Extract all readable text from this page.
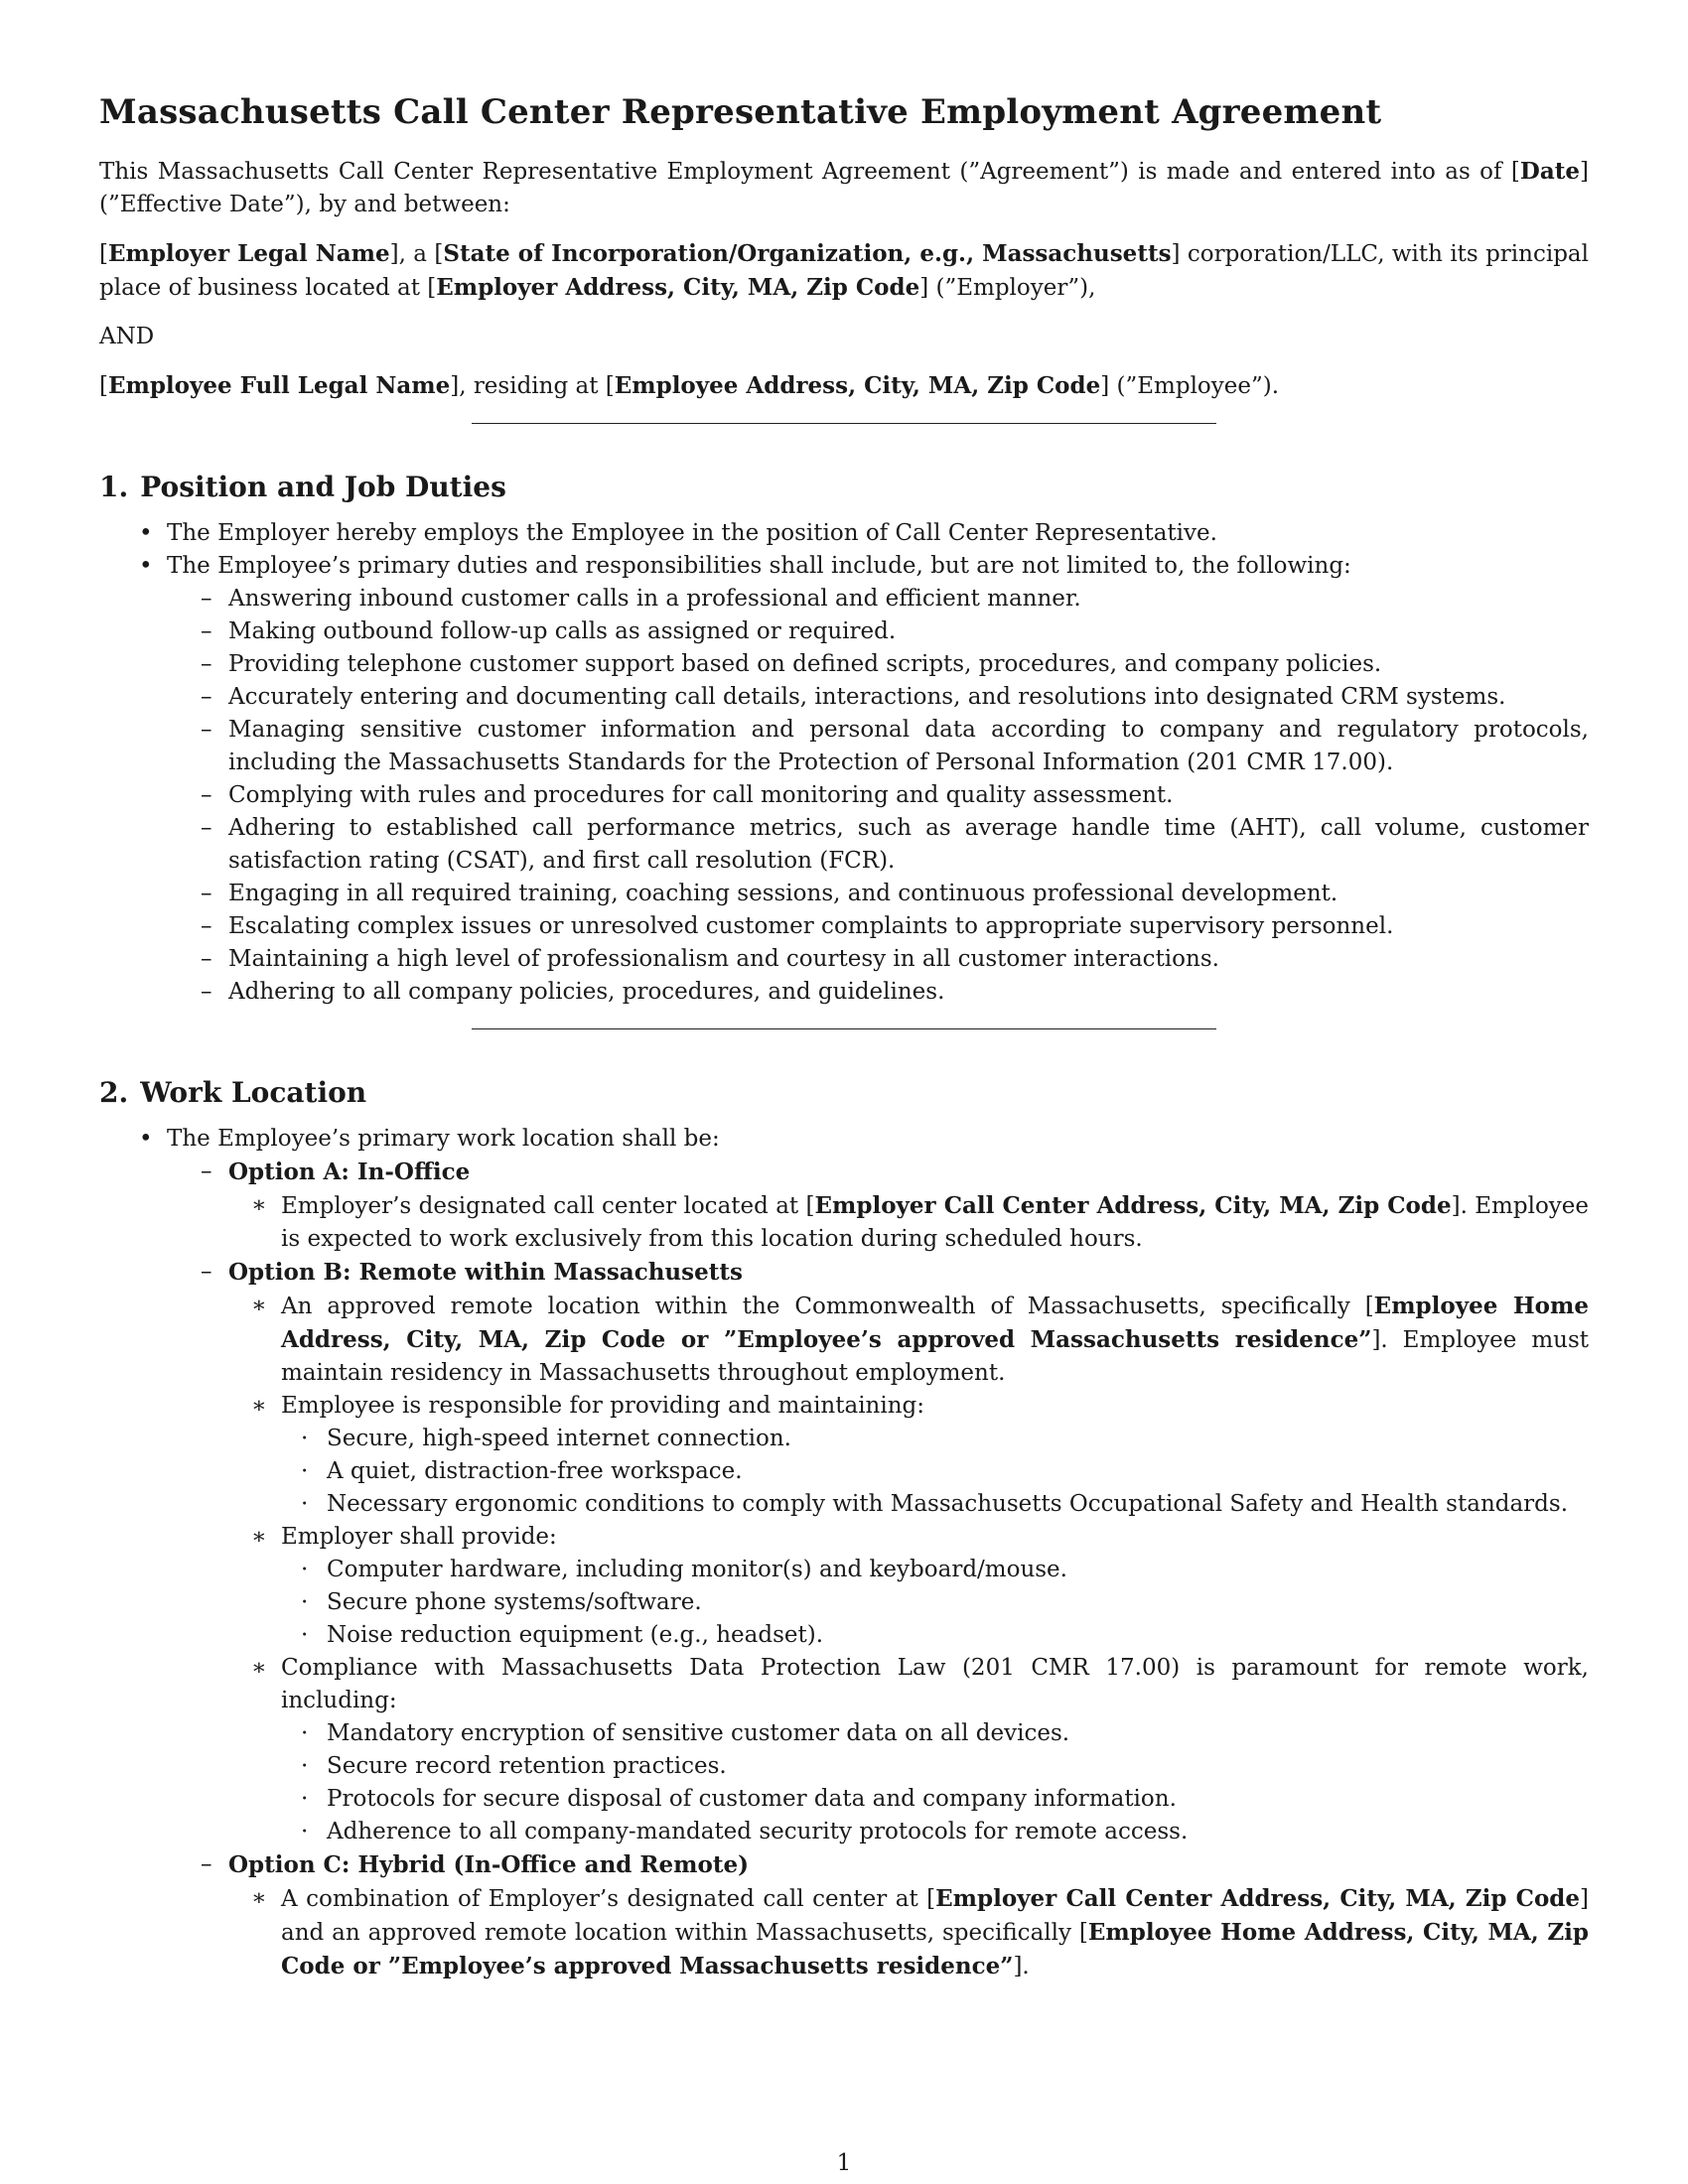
Massachusetts Call Center Representative Employment Agreement

This Massachusetts Call Center Representative Employment Agreement (”Agreement”) is made and entered into as of [Date] (”Effective Date”), by and between:

[Employer Legal Name], a [State of Incorporation/Organization, e.g., Massachusetts] corporation/LLC, with its principal place of business located at [Employer Address, City, MA, Zip Code] (”Employer”),

AND

[Employee Full Legal Name], residing at [Employee Address, City, MA, Zip Code] (”Employee”).

1. Position and Job Duties
• The Employer hereby employs the Employee in the position of Call Center Representative.
• The Employee’s primary duties and responsibilities shall include, but are not limited to, the following:
– Answering inbound customer calls in a professional and efficient manner.
– Making outbound follow-up calls as assigned or required.
– Providing telephone customer support based on defined scripts, procedures, and company policies.
– Accurately entering and documenting call details, interactions, and resolutions into designated CRM systems.
– Managing sensitive customer information and personal data according to company and regulatory protocols, including the Massachusetts Standards for the Protection of Personal Information (201 CMR 17.00).
– Complying with rules and procedures for call monitoring and quality assessment.
– Adhering to established call performance metrics, such as average handle time (AHT), call volume, customer satisfaction rating (CSAT), and first call resolution (FCR).
– Engaging in all required training, coaching sessions, and continuous professional development.
– Escalating complex issues or unresolved customer complaints to appropriate supervisory personnel.
– Maintaining a high level of professionalism and courtesy in all customer interactions.
– Adhering to all company policies, procedures, and guidelines.
2. Work Location
• The Employee’s primary work location shall be:
– Option A: In-Office
∗ Employer’s designated call center located at [Employer Call Center Address, City, MA, Zip Code]. Employee is expected to work exclusively from this location during scheduled hours.
– Option B: Remote within Massachusetts
∗ An approved remote location within the Commonwealth of Massachusetts, specifically [Employee Home Address, City, MA, Zip Code or ”Employee’s approved Massachusetts residence”]. Employee must maintain residency in Massachusetts throughout employment.
∗ Employee is responsible for providing and maintaining:
· Secure, high-speed internet connection.
· A quiet, distraction-free workspace.
· Necessary ergonomic conditions to comply with Massachusetts Occupational Safety and Health standards.
∗ Employer shall provide:
· Computer hardware, including monitor(s) and keyboard/mouse.
· Secure phone systems/software.
· Noise reduction equipment (e.g., headset).
∗ Compliance with Massachusetts Data Protection Law (201 CMR 17.00) is paramount for remote work, including:
· Mandatory encryption of sensitive customer data on all devices.
· Secure record retention practices.
· Protocols for secure disposal of customer data and company information.
· Adherence to all company-mandated security protocols for remote access.
– Option C: Hybrid (In-Office and Remote)
∗ A combination of Employer’s designated call center at [Employer Call Center Address, City, MA, Zip Code] and an approved remote location within Massachusetts, specifically [Employee Home Address, City, MA, Zip Code or ”Employee’s approved Massachusetts residence”].
1
